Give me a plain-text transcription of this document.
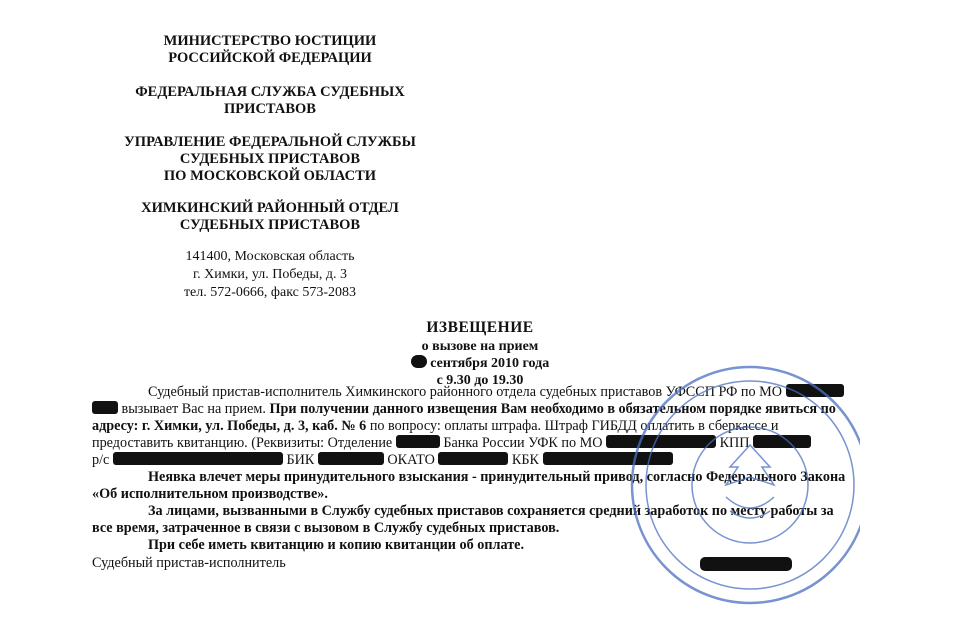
МИНИСТЕРСТВО ЮСТИЦИИ
РОССИЙСКОЙ ФЕДЕРАЦИИ
ФЕДЕРАЛЬНАЯ СЛУЖБА СУДЕБНЫХ
ПРИСТАВОВ
УПРАВЛЕНИЕ ФЕДЕРАЛЬНОЙ СЛУЖБЫ
СУДЕБНЫХ ПРИСТАВОВ
ПО МОСКОВСКОЙ ОБЛАСТИ
ХИМКИНСКИЙ РАЙОННЫЙ ОТДЕЛ
СУДЕБНЫХ ПРИСТАВОВ
141400, Московская область
г. Химки, ул. Победы, д. 3
тел. 572-0666, факс 573-2083
ИЗВЕЩЕНИЕ
о вызове на прием
сентября 2010 года
с 9.30 до 19.30
Судебный пристав-исполнитель Химкинского районного отдела судебных приставов УФССП РФ по МО
вызывает Вас на прием. При получении данного извещения Вам необходимо в обязательном порядке явиться по
адресу: г. Химки, ул. Победы, д. 3, каб. № 6 по вопросу: оплаты штрафа. Штраф ГИБДД оплатить в сберкассе и
предоставить квитанцию. (Реквизиты: Отделение	Банка России УФК по МО	КПП
р/с	БИК	ОКАТО	КБК
Неявка влечет меры принудительного взыскания - принудительный привод, согласно Федерального Закона
«Об исполнительном производстве».
За лицами, вызванными в Службу судебных приставов сохраняется средний заработок по месту работы за
все время, затраченное в связи с вызовом в Службу судебных приставов.
При себе иметь квитанцию и копию квитанции об оплате.
Судебный пристав-исполнитель
